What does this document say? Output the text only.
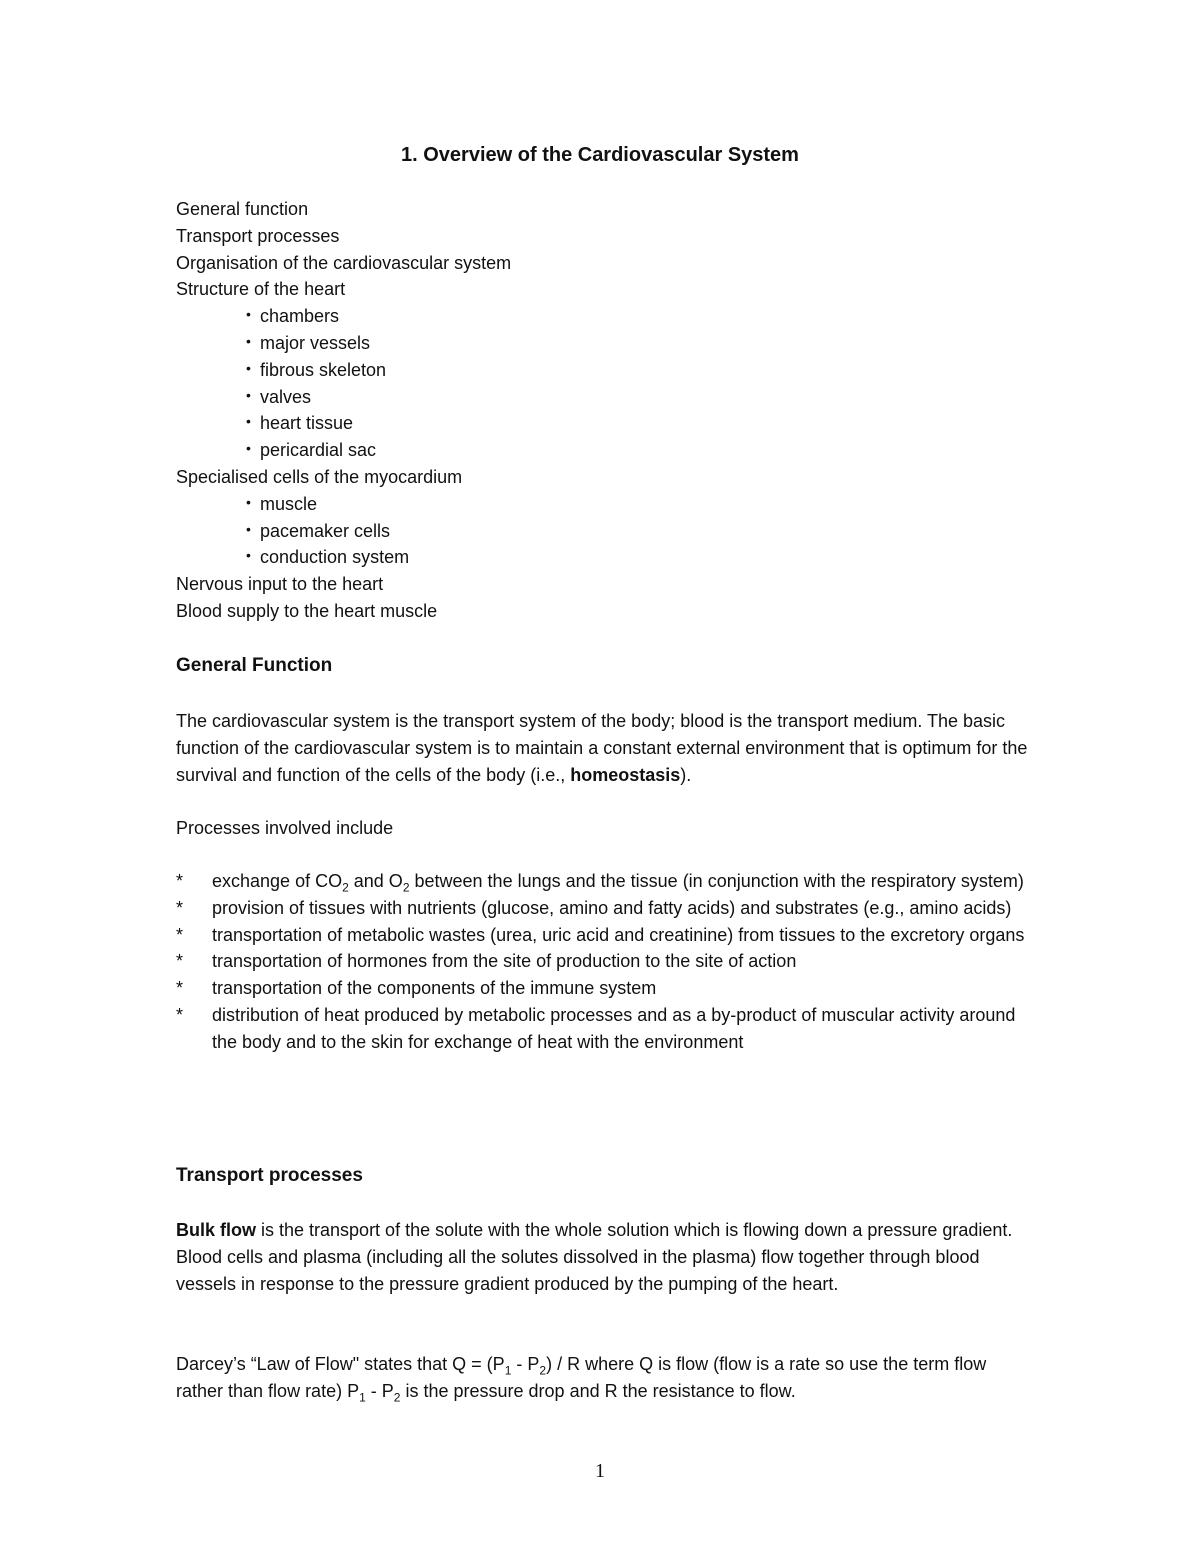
1. Overview of the Cardiovascular System
General function
Transport processes
Organisation of the cardiovascular system
Structure of the heart
• chambers
• major vessels
• fibrous skeleton
• valves
• heart tissue
• pericardial sac
Specialised cells of the myocardium
• muscle
• pacemaker cells
• conduction system
Nervous input to the heart
Blood supply to the heart muscle
General Function
The cardiovascular system is the transport system of the body; blood is the transport medium. The basic function of the cardiovascular system is to maintain a constant external environment that is optimum for the survival and function of the cells of the body (i.e., homeostasis).
Processes involved include
*	exchange of $CO_2$ and $O_2$ between the lungs and the tissue (in conjunction with the respiratory system)
*	provision of tissues with nutrients (glucose, amino and fatty acids) and substrates (e.g., amino acids)
*	transportation of metabolic wastes (urea, uric acid and creatinine) from tissues to the excretory organs
*	transportation of hormones from the site of production to the site of action
*	transportation of the components of the immune system
*	distribution of heat produced by metabolic processes and as a by-product of muscular activity around the body and to the skin for exchange of heat with the environment
Transport processes
Bulk flow is the transport of the solute with the whole solution which is flowing down a pressure gradient. Blood cells and plasma (including all the solutes dissolved in the plasma) flow together through blood vessels in response to the pressure gradient produced by the pumping of the heart.
Darcey’s “Law of Flow" states that $Q = (P_1 - P_2) / R$ where Q is flow (flow is a rate so use the term flow rather than flow rate) $P_1 - P_2$ is the pressure drop and R the resistance to flow.
1
